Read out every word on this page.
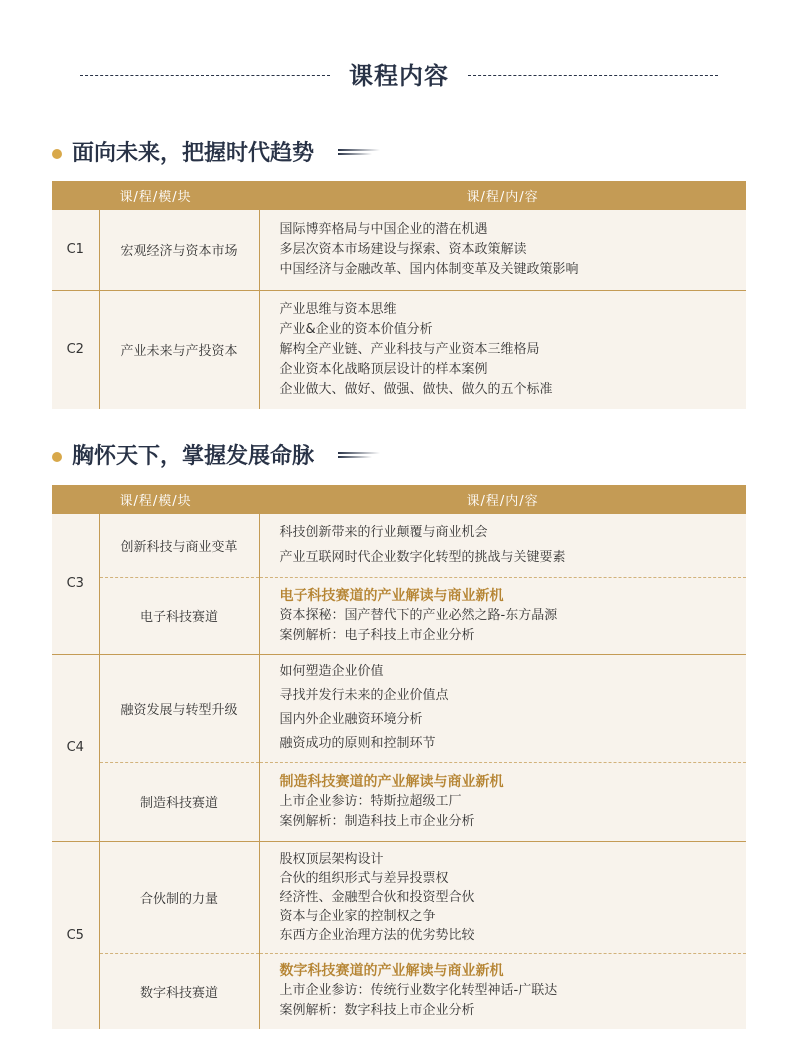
课程内容
面向未来，把握时代趋势
课/程/模/块		课/程/内/容
C1	宏观经济与资本市场	国际博弈格局与中国企业的潜在机遇
多层次资本市场建设与探索、资本政策解读
中国经济与金融改革、国内体制变革及关键政策影响

C2	产业未来与产投资本	产业思维与资本思维
产业&企业的资本价值分析
解构全产业链、产业科技与产业资本三维格局
企业资本化战略顶层设计的样本案例
企业做大、做好、做强、做快、做久的五个标准
胸怀天下，掌握发展命脉
课/程/模/块		课/程/内/容
C3	创新科技与商业变革	科技创新带来的行业颠覆与商业机会
产业互联网时代企业数字化转型的挑战与关键要素

	电子科技赛道	电子科技赛道的产业解读与商业新机
资本探秘：国产替代下的产业必然之路-东方晶源
案例解析：电子科技上市企业分析

C4	融资发展与转型升级	如何塑造企业价值
寻找并发行未来的企业价值点
国内外企业融资环境分析
融资成功的原则和控制环节

	制造科技赛道	制造科技赛道的产业解读与商业新机
上市企业参访：特斯拉超级工厂
案例解析：制造科技上市企业分析

C5	合伙制的力量	股权顶层架构设计
合伙的组织形式与差异投票权
经济性、金融型合伙和投资型合伙
资本与企业家的控制权之争
东西方企业治理方法的优劣势比较

	数字科技赛道	数字科技赛道的产业解读与商业新机
上市企业参访：传统行业数字化转型神话-广联达
案例解析：数字科技上市企业分析
